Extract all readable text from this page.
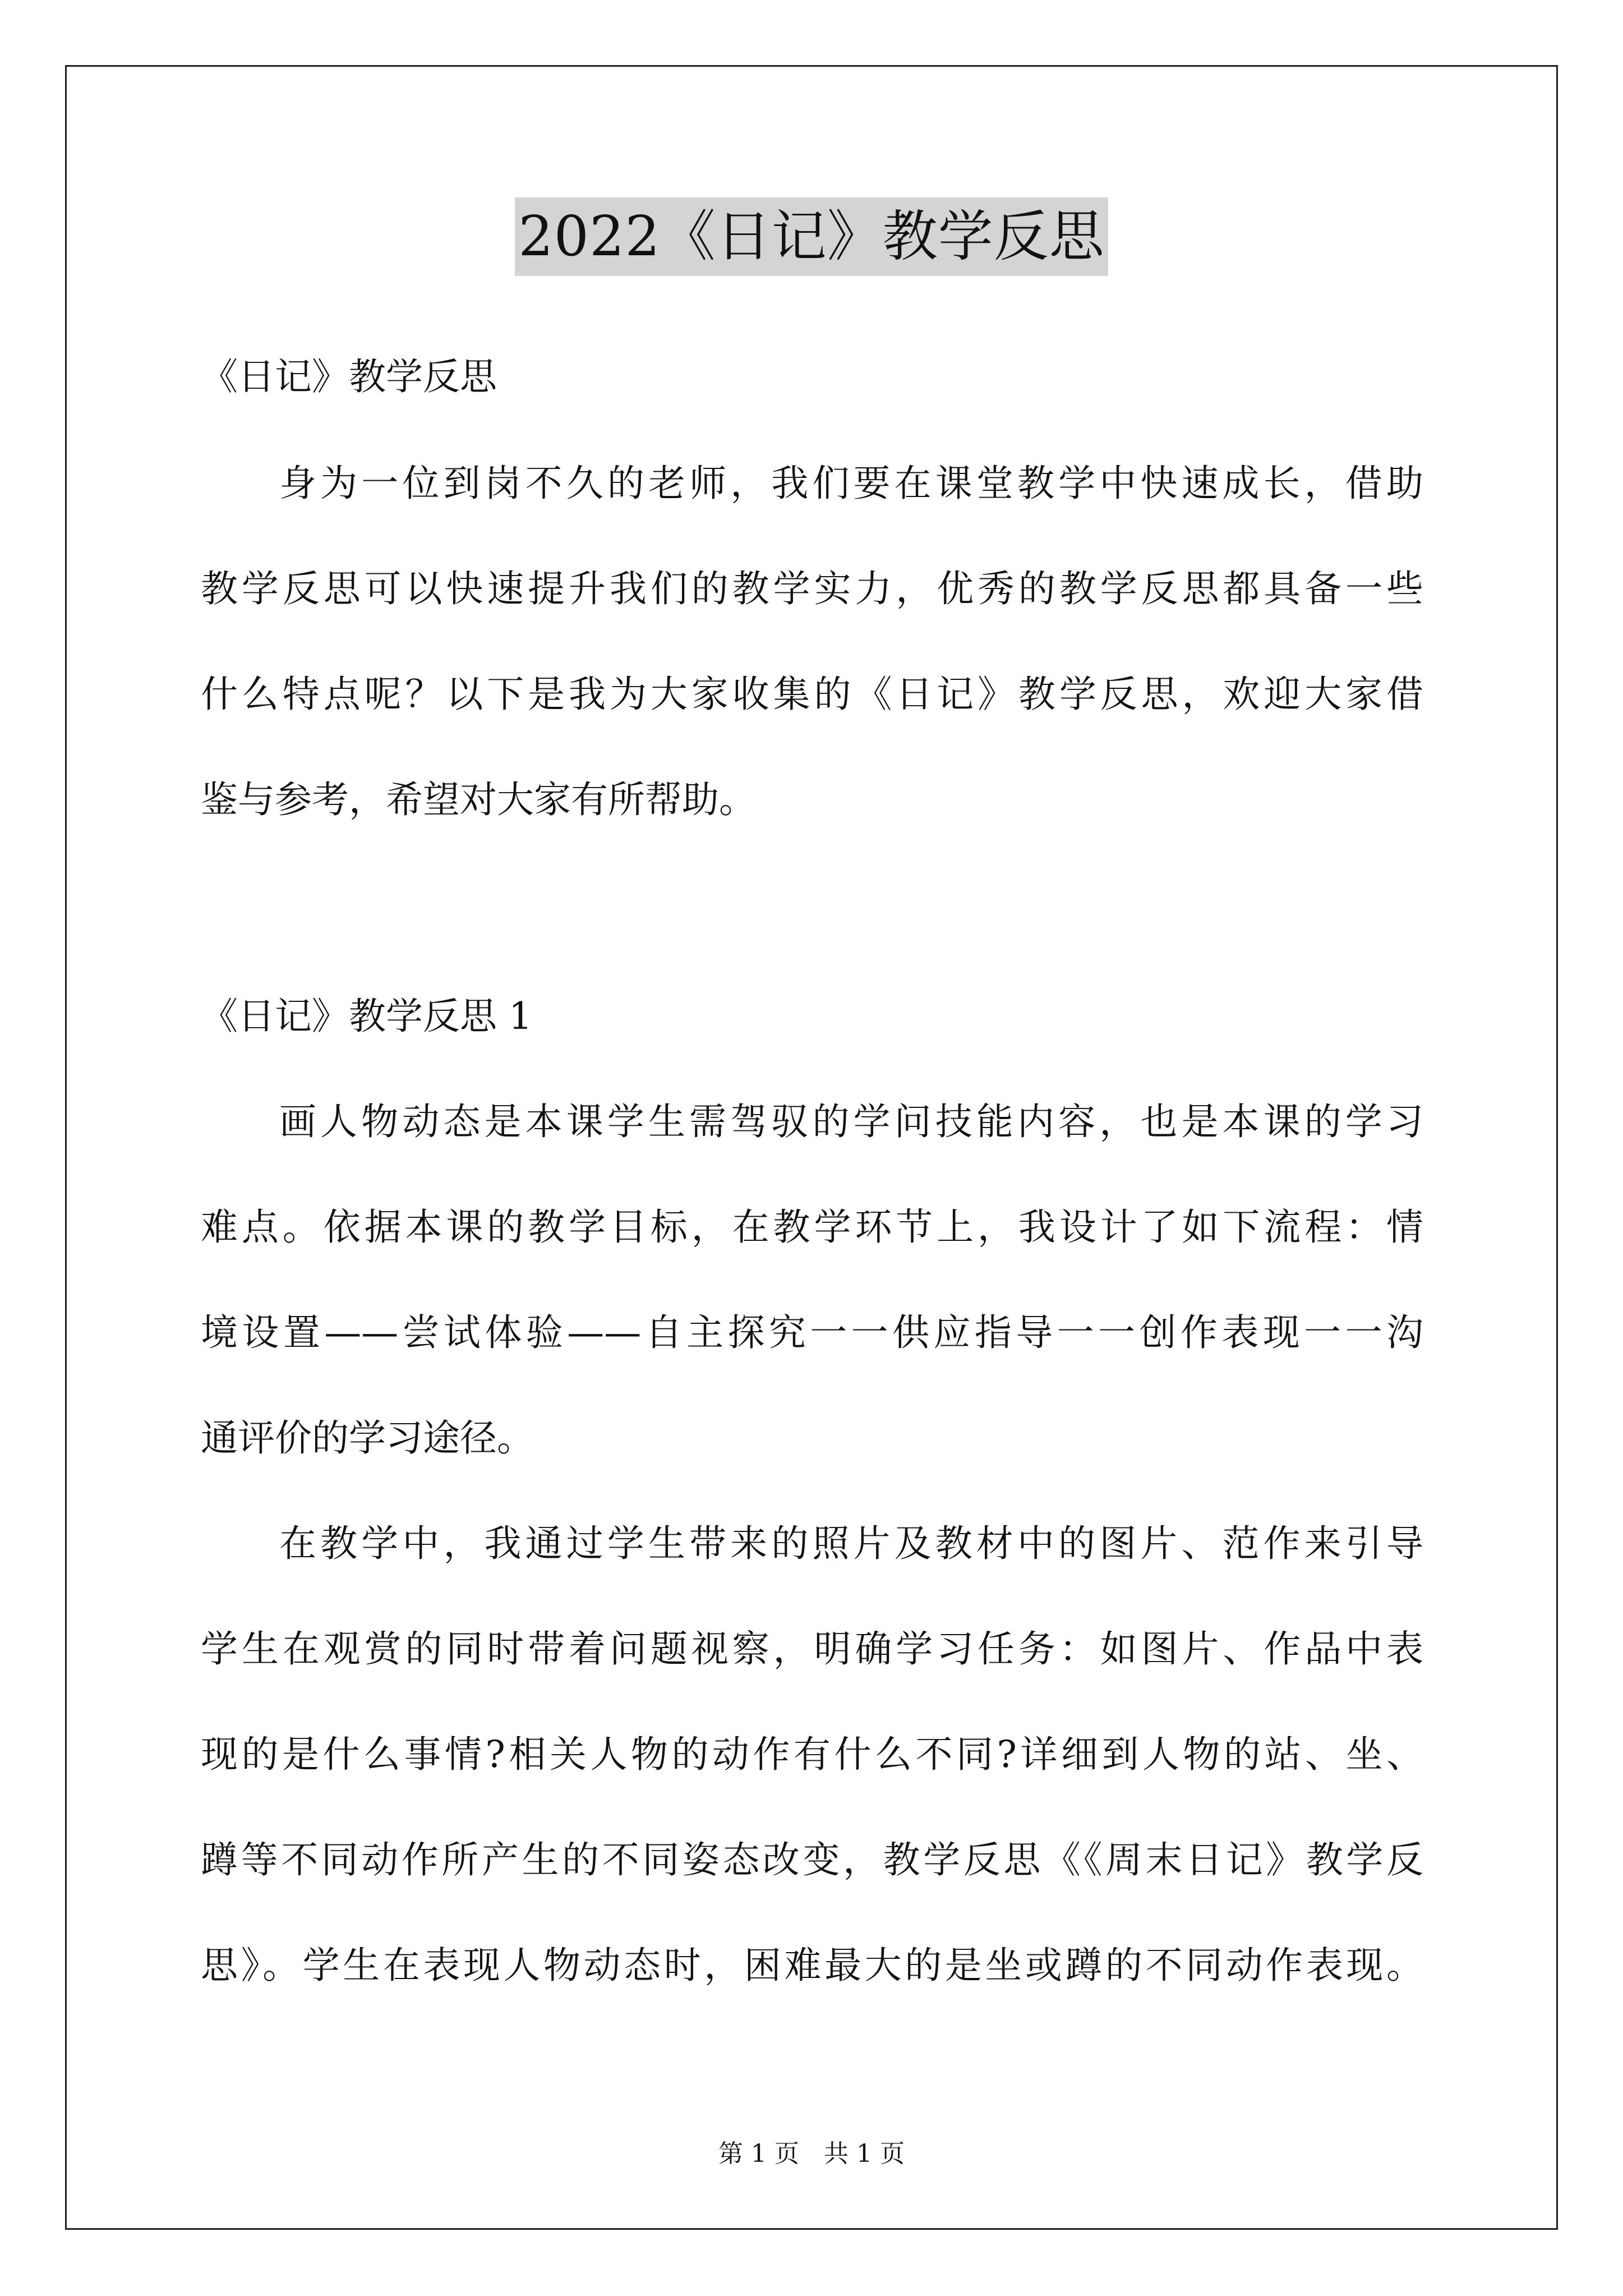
2022《日记》教学反思
《日记》教学反思
身为一位到岗不久的老师，我们要在课堂教学中快速成长，借助
教学反思可以快速提升我们的教学实力，优秀的教学反思都具备一些
什么特点呢？以下是我为大家收集的《日记》教学反思，欢迎大家借
鉴与参考，希望对大家有所帮助。
《日记》教学反思 1
画人物动态是本课学生需驾驭的学问技能内容，也是本课的学习
难点。依据本课的教学目标，在教学环节上，我设计了如下流程：情
境设置——尝试体验——自主探究一一供应指导一一创作表现一一沟
通评价的学习途径。
在教学中，我通过学生带来的照片及教材中的图片、范作来引导
学生在观赏的同时带着问题视察，明确学习任务：如图片、作品中表
现的是什么事情?相关人物的动作有什么不同?详细到人物的站、坐、
蹲等不同动作所产生的不同姿态改变，教学反思《《周末日记》教学反
思》。学生在表现人物动态时，困难最大的是坐或蹲的不同动作表现。
第 1 页　共 1 页
